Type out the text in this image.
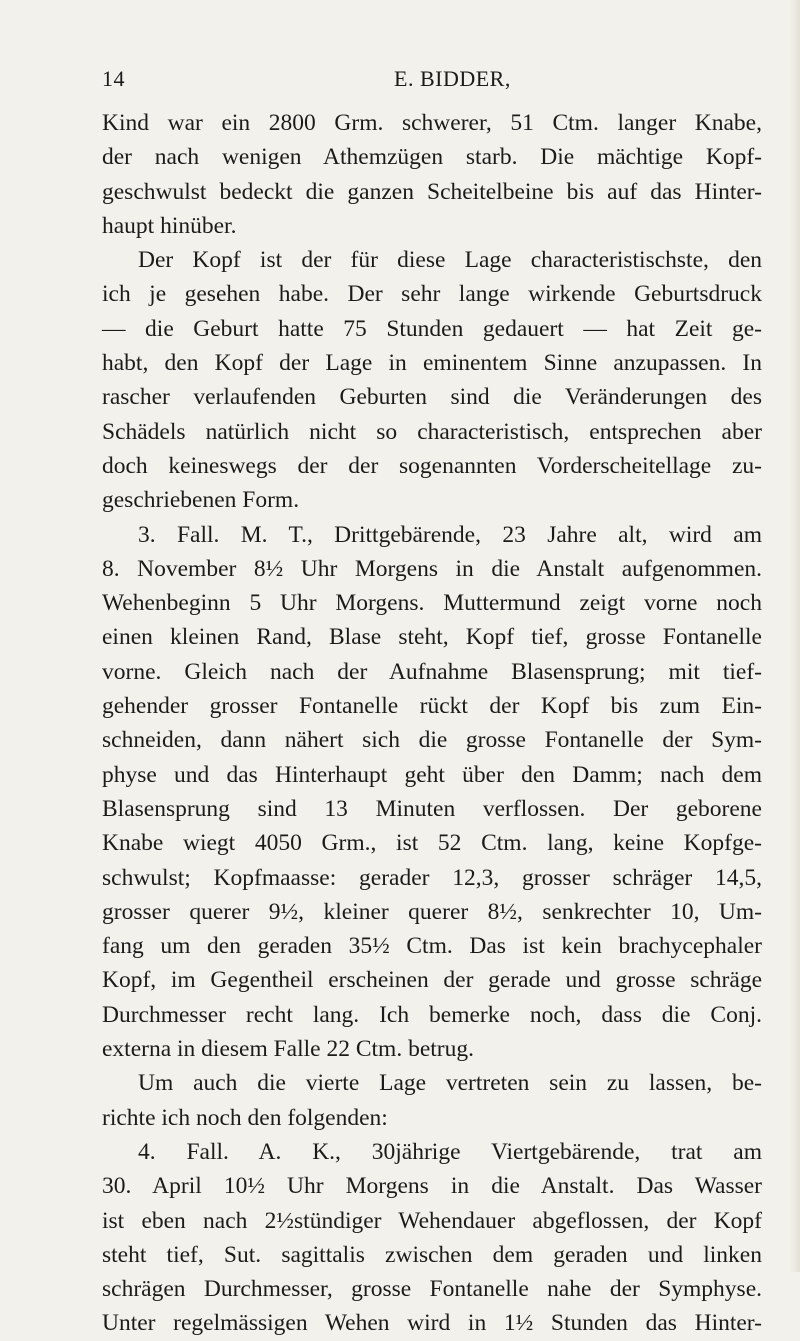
14	E. BIDDER,
Kind war ein 2800 Grm. schwerer, 51 Ctm. langer Knabe,
der nach wenigen Athemzügen starb. Die mächtige Kopf-
geschwulst bedeckt die ganzen Scheitelbeine bis auf das Hinter-
haupt hinüber.
Der Kopf ist der für diese Lage characteristischste, den
ich je gesehen habe. Der sehr lange wirkende Geburtsdruck
— die Geburt hatte 75 Stunden gedauert — hat Zeit ge-
habt, den Kopf der Lage in eminentem Sinne anzupassen. In
rascher verlaufenden Geburten sind die Veränderungen des
Schädels natürlich nicht so characteristisch, entsprechen aber
doch keineswegs der der sogenannten Vorderscheitellage zu-
geschriebenen Form.
3. Fall. M. T., Drittgebärende, 23 Jahre alt, wird am
8. November 8½ Uhr Morgens in die Anstalt aufgenommen.
Wehenbeginn 5 Uhr Morgens. Muttermund zeigt vorne noch
einen kleinen Rand, Blase steht, Kopf tief, grosse Fontanelle
vorne. Gleich nach der Aufnahme Blasensprung; mit tief-
gehender grosser Fontanelle rückt der Kopf bis zum Ein-
schneiden, dann nähert sich die grosse Fontanelle der Sym-
physe und das Hinterhaupt geht über den Damm; nach dem
Blasensprung sind 13 Minuten verflossen. Der geborene
Knabe wiegt 4050 Grm., ist 52 Ctm. lang, keine Kopfge-
schwulst; Kopfmaasse: gerader 12,3, grosser schräger 14,5,
grosser querer 9½, kleiner querer 8½, senkrechter 10, Um-
fang um den geraden 35½ Ctm. Das ist kein brachycephaler
Kopf, im Gegentheil erscheinen der gerade und grosse schräge
Durchmesser recht lang. Ich bemerke noch, dass die Conj.
externa in diesem Falle 22 Ctm. betrug.
Um auch die vierte Lage vertreten sein zu lassen, be-
richte ich noch den folgenden:
4. Fall. A. K., 30jährige Viertgebärende, trat am
30. April 10½ Uhr Morgens in die Anstalt. Das Wasser
ist eben nach 2½stündiger Wehendauer abgeflossen, der Kopf
steht tief, Sut. sagittalis zwischen dem geraden und linken
schrägen Durchmesser, grosse Fontanelle nahe der Symphyse.
Unter regelmässigen Wehen wird in 1½ Stunden das Hinter-
